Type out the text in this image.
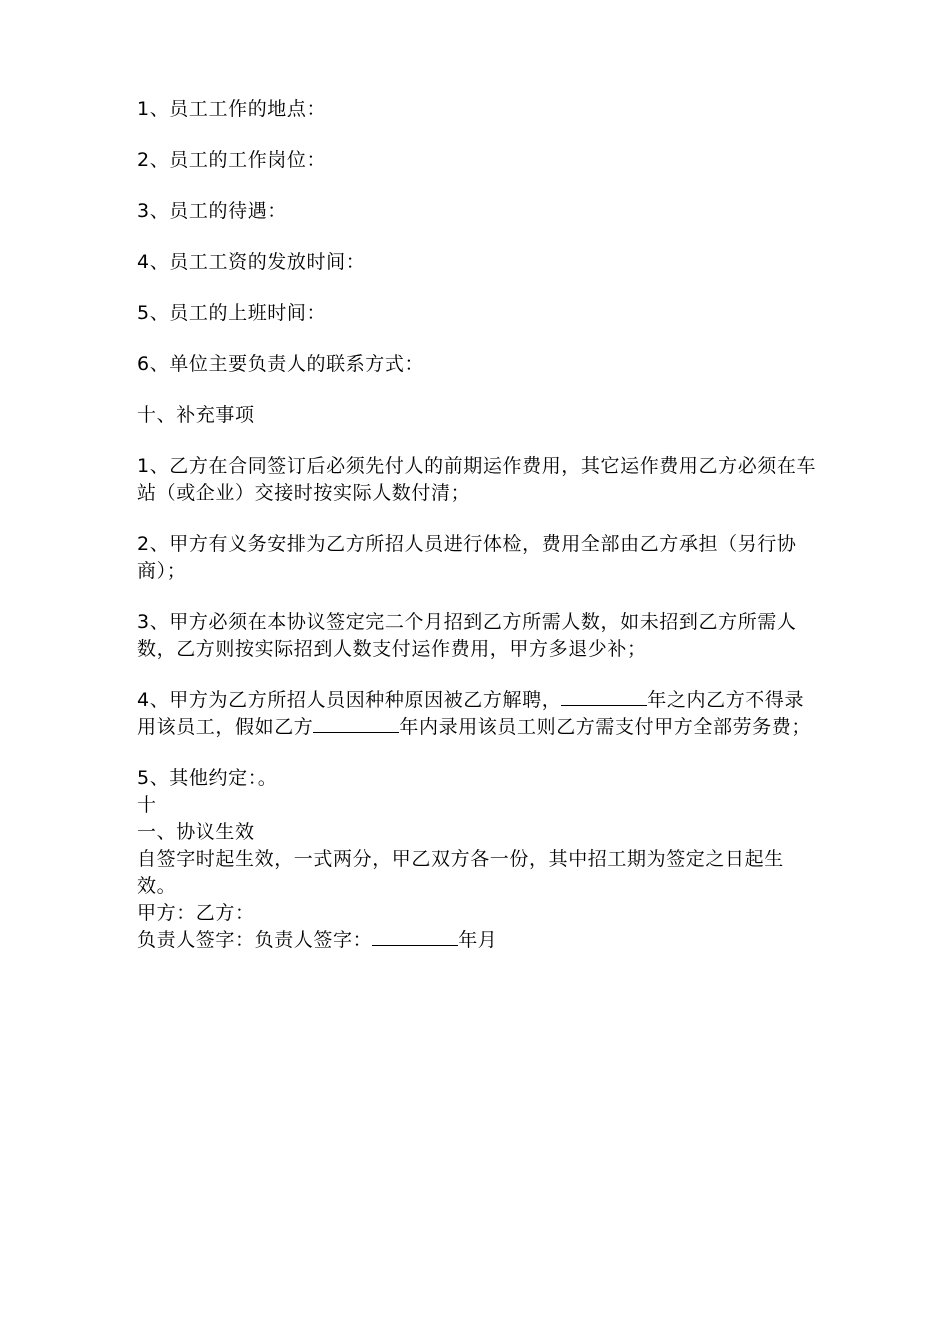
1、员工工作的地点：

2、员工的工作岗位：

3、员工的待遇：

4、员工工资的发放时间：

5、员工的上班时间：

6、单位主要负责人的联系方式：

十、补充事项

1、乙方在合同签订后必须先付人的前期运作费用，其它运作费用乙方必须在车站（或企业）交接时按实际人数付清；

2、甲方有义务安排为乙方所招人员进行体检，费用全部由乙方承担（另行协商）；

3、甲方必须在本协议签定完二个月招到乙方所需人数，如未招到乙方所需人数，乙方则按实际招到人数支付运作费用，甲方多退少补；

4、甲方为乙方所招人员因种种原因被乙方解聘，	年之内乙方不得录用该员工，假如乙方	年内录用该员工则乙方需支付甲方全部劳务费；

5、其他约定：。

十

一、协议生效

自签字时起生效，一式两分，甲乙双方各一份，其中招工期为签定之日起生效。

甲方：乙方：

负责人签字：负责人签字：	年月
